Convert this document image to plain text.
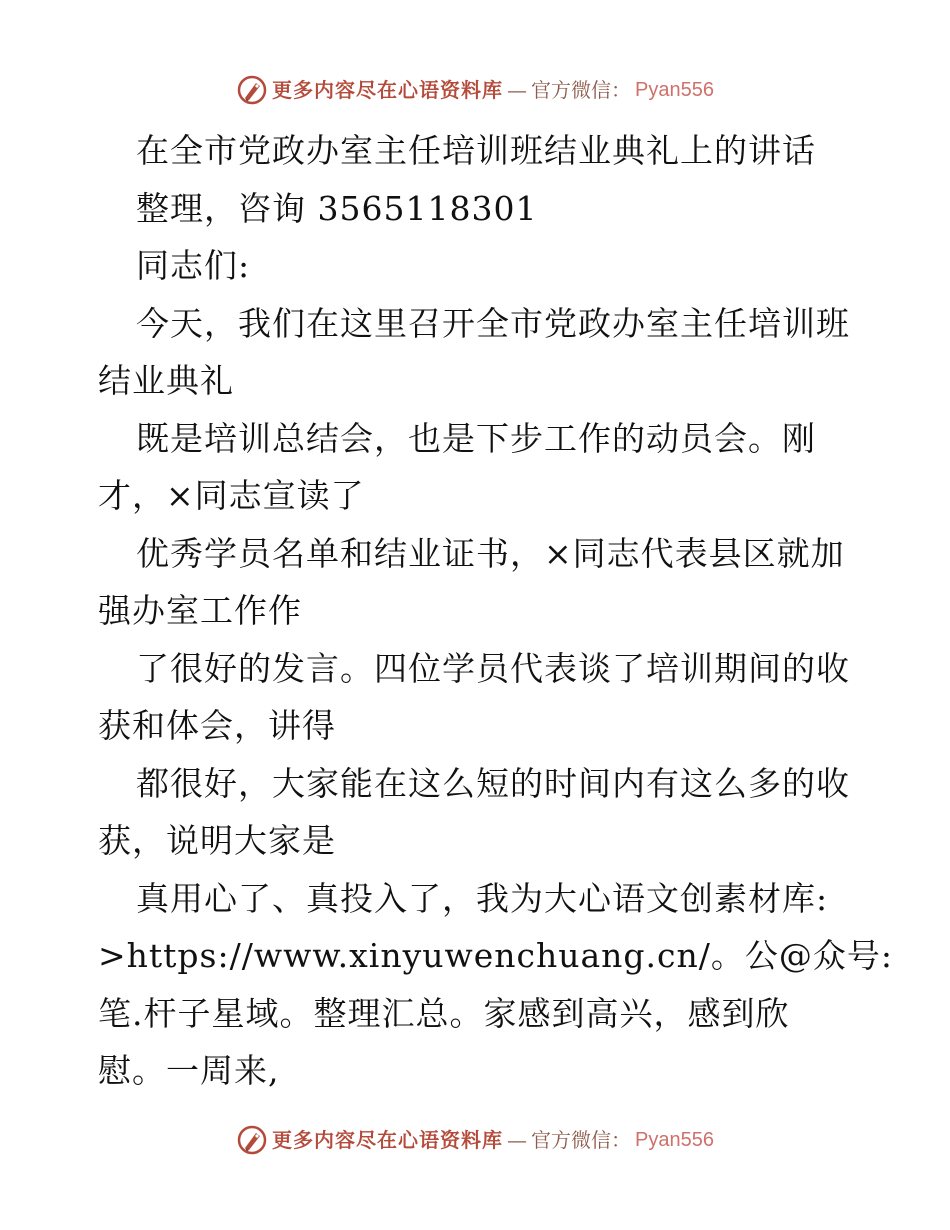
更多内容尽在心语资料库 — 官方微信： Pyan556
在全市党政办室主任培训班结业典礼上的讲话
整理，咨询 3565118301
同志们:
今天，我们在这里召开全市党政办室主任培训班
结业典礼
既是培训总结会，也是下步工作的动员会。刚
才，×同志宣读了
优秀学员名单和结业证书，×同志代表县区就加
强办室工作作
了很好的发言。四位学员代表谈了培训期间的收
获和体会，讲得
都很好，大家能在这么短的时间内有这么多的收
获，说明大家是
真用心了、真投入了，我为大心语文创素材库:
>https://www.xinyuwenchuang.cn/。公@众号:
笔.杆子星域。整理汇总。家感到高兴，感到欣
慰。一周来,
更多内容尽在心语资料库 — 官方微信： Pyan556
